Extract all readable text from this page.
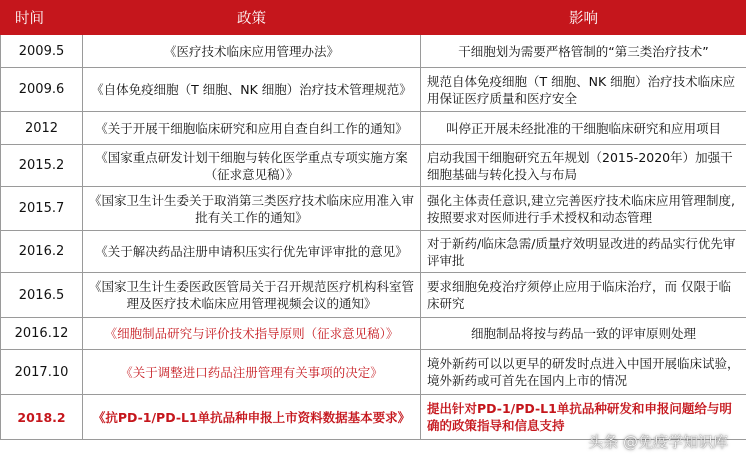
时间	政策	影响
2009.5	《医疗技术临床应用管理办法》	干细胞划为需要严格管制的“第三类治疗技术”
2009.6	《自体免疫细胞（T 细胞、NK 细胞）治疗技术管理规范》	规范自体免疫细胞（T 细胞、NK 细胞）治疗技术临床应用保证医疗质量和医疗安全
2012	《关于开展干细胞临床研究和应用自查自纠工作的通知》	叫停正开展未经批准的干细胞临床研究和应用项目
2015.2	《国家重点研发计划干细胞与转化医学重点专项实施方案（征求意见稿）》	启动我国干细胞研究五年规划（2015-2020年）加强干细胞基础与转化投入与布局
2015.7	《国家卫生计生委关于取消第三类医疗技术临床应用准入审批有关工作的通知》	强化主体责任意识,建立完善医疗技术临床应用管理制度,按照要求对医师进行手术授权和动态管理
2016.2	《关于解决药品注册申请积压实行优先审评审批的意见》	对于新药/临床急需/质量疗效明显改进的药品实行优先审评审批
2016.5	《国家卫生计生委医政医管局关于召开规范医疗机构科室管理及医疗技术临床应用管理视频会议的通知》	要求细胞免疫治疗须停止应用于临床治疗，而 仅限于临床研究
2016.12	《细胞制品研究与评价技术指导原则（征求意见稿）》	细胞制品将按与药品一致的评审原则处理
2017.10	《关于调整进口药品注册管理有关事项的决定》	境外新药可以以更早的研发时点进入中国开展临床试验，境外新药或可首先在国内上市的情况
2018.2	《抗PD-1/PD-L1单抗品种申报上市资料数据基本要求》	提出针对PD-1/PD-L1单抗品种研发和申报问题给与明确的政策指导和信息支持
头条 @免疫学知识库
